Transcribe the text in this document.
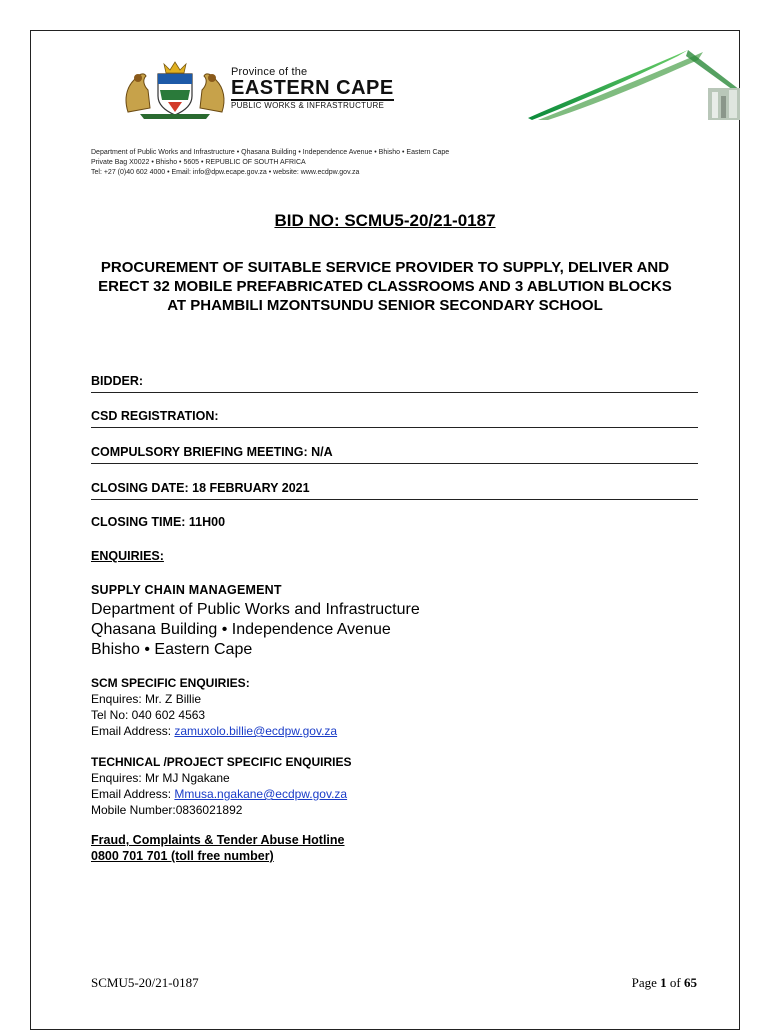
Province of the
EASTERN CAPE
PUBLIC WORKS & INFRASTRUCTURE
Department of Public Works and Infrastructure • Qhasana Building • Independence Avenue • Bhisho • Eastern Cape
Private Bag X0022 • Bhisho • 5605 • REPUBLIC OF SOUTH AFRICA
Tel: +27 (0)40 602 4000 • Email: info@dpw.ecape.gov.za • website: www.ecdpw.gov.za
BID NO: SCMU5-20/21-0187
PROCUREMENT OF SUITABLE SERVICE PROVIDER TO SUPPLY, DELIVER AND ERECT 32 MOBILE PREFABRICATED CLASSROOMS AND 3 ABLUTION BLOCKS AT PHAMBILI MZONTSUNDU SENIOR SECONDARY SCHOOL
BIDDER:
CSD REGISTRATION:
COMPULSORY BRIEFING MEETING: N/A
CLOSING DATE: 18 FEBRUARY 2021
CLOSING TIME: 11H00
ENQUIRIES:
SUPPLY CHAIN MANAGEMENT
Department of Public Works and Infrastructure
Qhasana Building • Independence Avenue
Bhisho • Eastern Cape
SCM SPECIFIC ENQUIRIES:
Enquires: Mr. Z Billie
Tel No: 040 602 4563
Email Address: zamuxolo.billie@ecdpw.gov.za
TECHNICAL /PROJECT SPECIFIC ENQUIRIES
Enquires: Mr MJ Ngakane
Email Address: Mmusa.ngakane@ecdpw.gov.za
Mobile Number:0836021892
Fraud, Complaints & Tender Abuse Hotline
0800 701 701 (toll free number)
SCMU5-20/21-0187	Page 1 of 65
